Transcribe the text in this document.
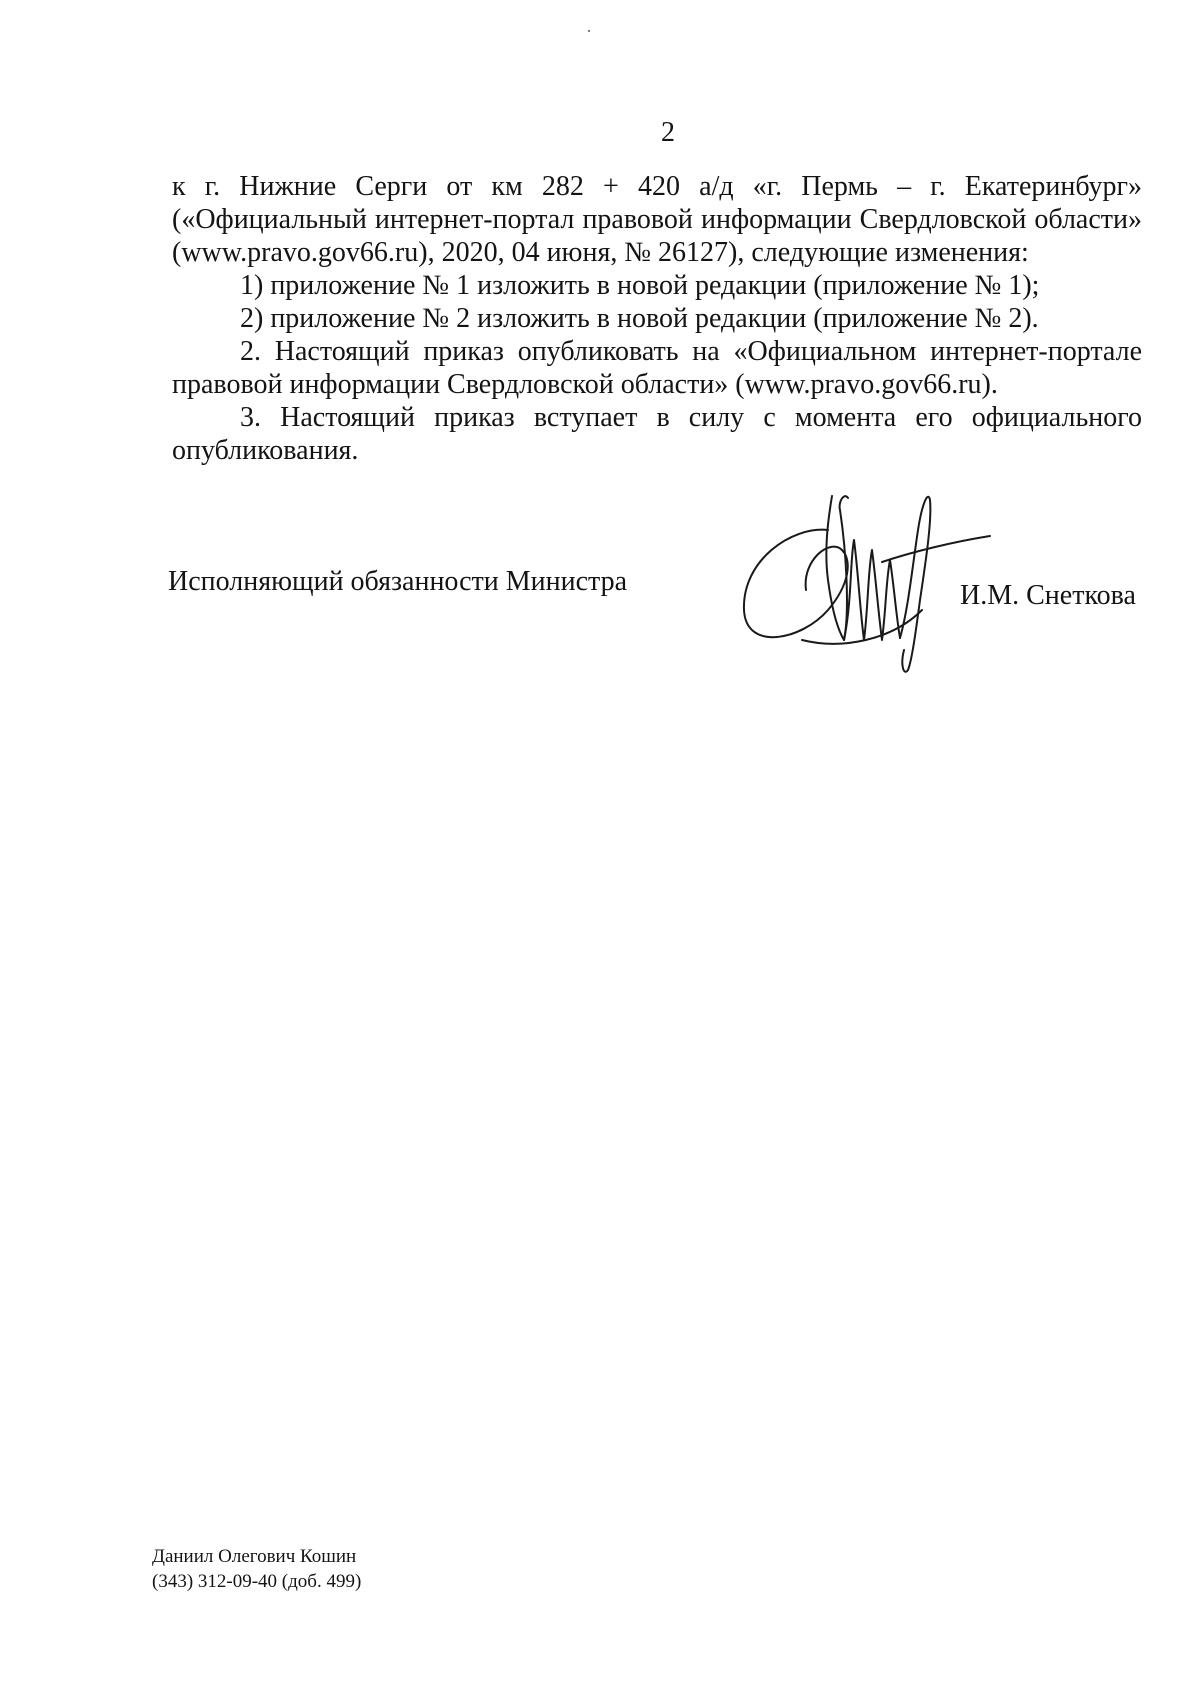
2

к г. Нижние Серги от км 282 + 420 а/д «г. Пермь – г. Екатеринбург» («Официальный интернет-портал правовой информации Свердловской области» (www.pravo.gov66.ru), 2020, 04 июня, № 26127), следующие изменения:

1) приложение № 1 изложить в новой редакции (приложение № 1);

2) приложение № 2 изложить в новой редакции (приложение № 2).

2. Настоящий приказ опубликовать на «Официальном интернет-портале правовой информации Свердловской области» (www.pravo.gov66.ru).

3. Настоящий приказ вступает в силу с момента его официального опубликования.

Исполняющий обязанности Министра	И.М. Снеткова
Даниил Олегович Кошин
(343) 312-09-40 (доб. 499)
